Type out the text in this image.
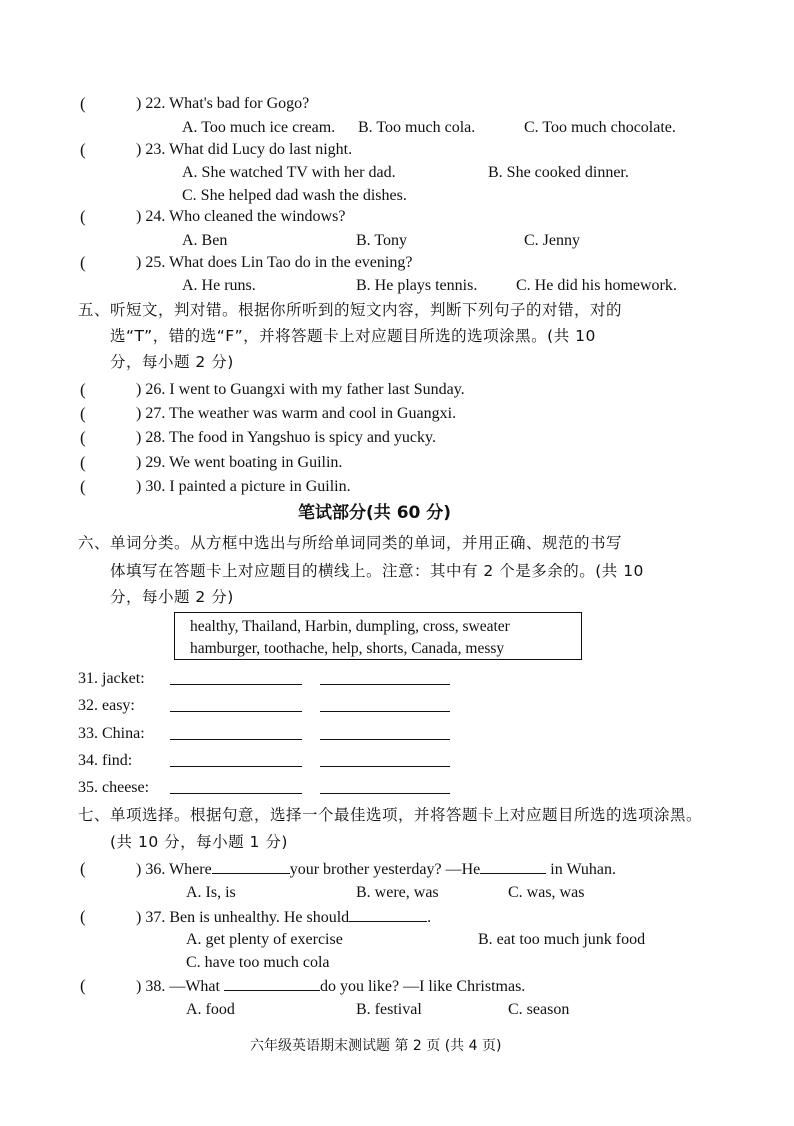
(	) 22. What's bad for Gogo?
A. Too much ice cream. B. Too much cola.	C. Too much chocolate.
(	) 23. What did Lucy do last night.
A. She watched TV with her dad.	B. She cooked dinner.
C. She helped dad wash the dishes.
(	) 24. Who cleaned the windows?
A. Ben	B. Tony	C. Jenny
(	) 25. What does Lin Tao do in the evening?
A. He runs.	B. He plays tennis. C. He did his homework.
五、听短文，判对错。根据你所听到的短文内容，判断下列句子的对错，对的
选“T”，错的选“F”，并将答题卡上对应题目所选的选项涂黑。(共 10
分，每小题 2 分)
(	) 26. I went to Guangxi with my father last Sunday.
(	) 27. The weather was warm and cool in Guangxi.
(	) 28. The food in Yangshuo is spicy and yucky.
(	) 29. We went boating in Guilin.
(	) 30. I painted a picture in Guilin.
笔试部分(共 60 分)
六、单词分类。从方框中选出与所给单词同类的单词，并用正确、规范的书写
体填写在答题卡上对应题目的横线上。注意：其中有 2 个是多余的。(共 10
分，每小题 2 分)
healthy, Thailand, Harbin, dumpling, cross, sweater
hamburger, toothache, help, shorts, Canada, messy
31. jacket:
32. easy:
33. China:
34. find:
35. cheese:
七、单项选择。根据句意，选择一个最佳选项，并将答题卡上对应题目所选的选项涂黑。
(共 10 分，每小题 1 分)
(	) 36. Where	your brother yesterday? —He	in Wuhan.
A. Is, is	B. were, was	C. was, was
(	) 37. Ben is unhealthy. He should	.
A. get plenty of exercise	B. eat too much junk food
C. have too much cola
(	) 38. —What	do you like? —I like Christmas.
A. food	B. festival	C. season
六年级英语期末测试题 第 2 页 (共 4 页)
